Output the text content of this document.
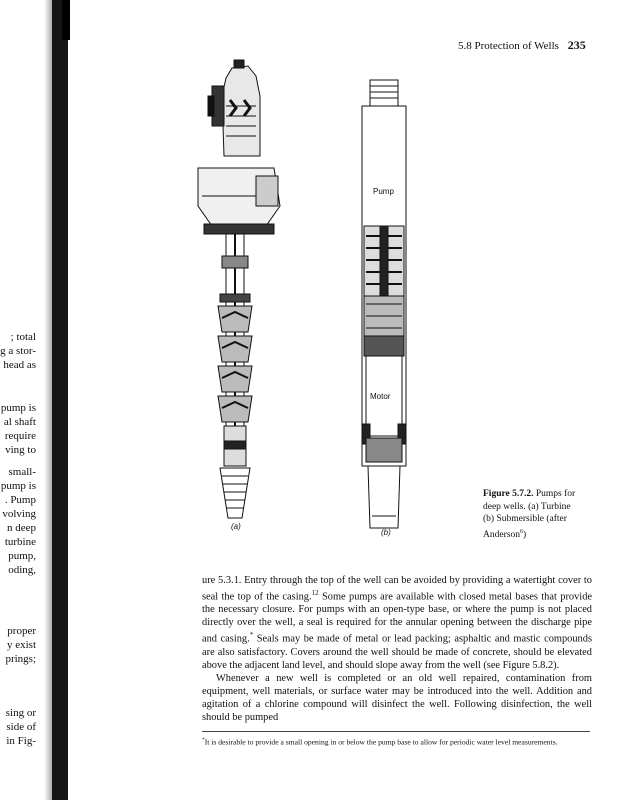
5.8 Protection of Wells 235
; total
g a stor-
head as
pump is
al shaft
require
ving to
small-
pump is
. Pump
volving
n deep
turbine
pump,
oding,
proper
y exist
prings;
sing or
side of
in Fig-
(a)
Pump
Motor
(b)
Figure 5.7.2. Pumps for
deep wells. (a) Turbine
(b) Submersible (after
Anderson$^6$)

ure 5.3.1. Entry through the top of the well can be avoided by providing a watertight cover to seal the top of the casing.$^{12}$ Some pumps are available with closed metal bases that provide the necessary closure. For pumps with an open-type base, or where the pump is not placed directly over the well, a seal is required for the annular opening between the discharge pipe and casing.* Seals may be made of metal or lead packing; asphaltic and mastic compounds are also satisfactory. Covers around the well should be made of concrete, should be elevated above the adjacent land level, and should slope away from the well (see Figure 5.8.2).

Whenever a new well is completed or an old well repaired, contamination from equipment, well materials, or surface water may be introduced into the well. Addition and agitation of a chlorine compound will disinfect the well. Following disinfection, the well should be pumped

*It is desirable to provide a small opening in or below the pump base to allow for periodic water level measurements.
